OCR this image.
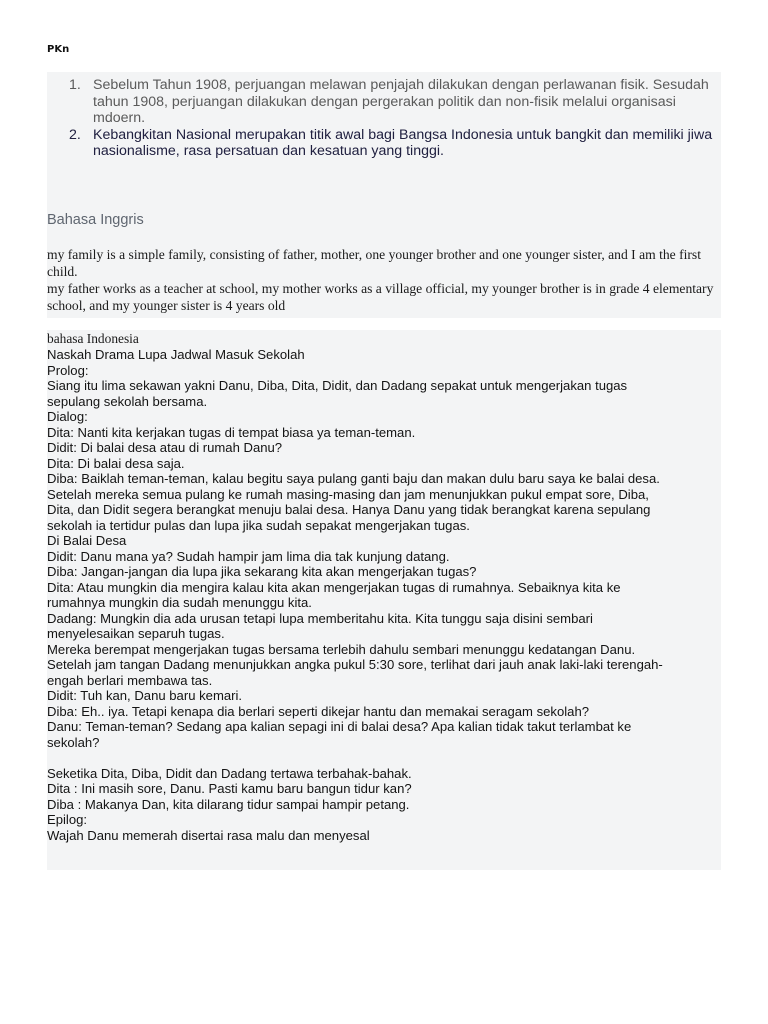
PKn
1. Sebelum Tahun 1908, perjuangan melawan penjajah dilakukan dengan perlawanan fisik. Sesudah tahun 1908, perjuangan dilakukan dengan pergerakan politik dan non-fisik melalui organisasi mdoern.
2. Kebangkitan Nasional merupakan titik awal bagi Bangsa Indonesia untuk bangkit dan memiliki jiwa nasionalisme, rasa persatuan dan kesatuan yang tinggi.
Bahasa Inggris

my family is a simple family, consisting of father, mother, one younger brother and one younger sister, and I am the first child.

my father works as a teacher at school, my mother works as a village official, my younger brother is in grade 4 elementary school, and my younger sister is 4 years old

bahasa Indonesia

Naskah Drama Lupa Jadwal Masuk Sekolah

Prolog:

Siang itu lima sekawan yakni Danu, Diba, Dita, Didit, dan Dadang sepakat untuk mengerjakan tugas

sepulang sekolah bersama.

Dialog:

Dita: Nanti kita kerjakan tugas di tempat biasa ya teman-teman.

Didit: Di balai desa atau di rumah Danu?

Dita: Di balai desa saja.

Diba: Baiklah teman-teman, kalau begitu saya pulang ganti baju dan makan dulu baru saya ke balai desa.

Setelah mereka semua pulang ke rumah masing-masing dan jam menunjukkan pukul empat sore, Diba,

Dita, dan Didit segera berangkat menuju balai desa. Hanya Danu yang tidak berangkat karena sepulang

sekolah ia tertidur pulas dan lupa jika sudah sepakat mengerjakan tugas.

Di Balai Desa

Didit: Danu mana ya? Sudah hampir jam lima dia tak kunjung datang.

Diba: Jangan-jangan dia lupa jika sekarang kita akan mengerjakan tugas?

Dita: Atau mungkin dia mengira kalau kita akan mengerjakan tugas di rumahnya. Sebaiknya kita ke

rumahnya mungkin dia sudah menunggu kita.

Dadang: Mungkin dia ada urusan tetapi lupa memberitahu kita. Kita tunggu saja disini sembari

menyelesaikan separuh tugas.

Mereka berempat mengerjakan tugas bersama terlebih dahulu sembari menunggu kedatangan Danu.

Setelah jam tangan Dadang menunjukkan angka pukul 5:30 sore, terlihat dari jauh anak laki-laki terengah-

engah berlari membawa tas.

Didit: Tuh kan, Danu baru kemari.

Diba: Eh.. iya. Tetapi kenapa dia berlari seperti dikejar hantu dan memakai seragam sekolah?

Danu: Teman-teman? Sedang apa kalian sepagi ini di balai desa? Apa kalian tidak takut terlambat ke

sekolah?

Seketika Dita, Diba, Didit dan Dadang tertawa terbahak-bahak.

Dita : Ini masih sore, Danu. Pasti kamu baru bangun tidur kan?

Diba : Makanya Dan, kita dilarang tidur sampai hampir petang.

Epilog:

Wajah Danu memerah disertai rasa malu dan menyesal
